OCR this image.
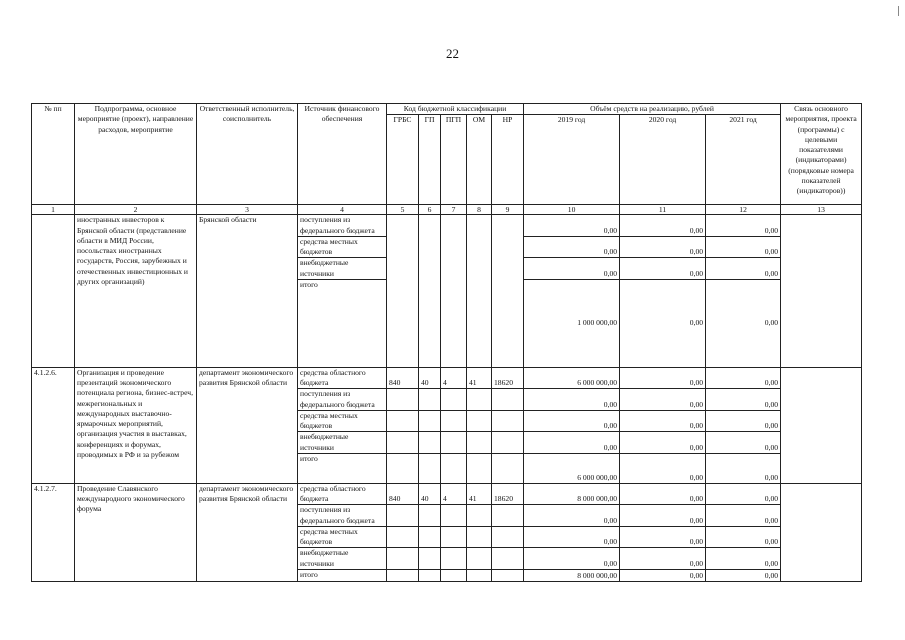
22
№ пп	Подпрограмма, основное мероприятие (проект), направление расходов, мероприятие	Ответственный исполнитель, соисполнитель	Источник финансового обеспечения	Код бюджетной классификации					Объём средств на реализацию, рублей			Связь основного мероприятия, проекта (программы) с целевыми показателями (индикаторами) (порядковые номера показателей (индикаторов))
				ГРБС	ГП	ПГП	ОМ	НР	2019 год	2020 год	2021 год	
1	2	3	4	5	6	7	8	9	10	11	12	13
	иностранных инвесторов к Брянской области (представление области в МИД России, посольствах иностранных государств, Россия, зарубежных и отечественных инвестиционных и других организаций)	Брянской области	поступления из федерального бюджета						0,00	0,00	0,00	
			средства местных бюджетов						0,00	0,00	0,00	
			внебюджетные источники						0,00	0,00	0,00	
			итого						1 000 000,00	0,00	0,00	
4.1.2.6.	Организация и проведение презентаций экономического потенциала региона, бизнес-встреч, межрегиональных и международных выставочно-ярмарочных мероприятий, организация участия в выставках, конференциях и форумах, проводимых в РФ и за рубежом	департамент экономического развития Брянской области	средства областного бюджета	840	40	4	41	18620	6 000 000,00	0,00	0,00	
			поступления из федерального бюджета						0,00	0,00	0,00	
			средства местных бюджетов						0,00	0,00	0,00	
			внебюджетные источники						0,00	0,00	0,00	
			итого						6 000 000,00	0,00	0,00	
4.1.2.7.	Проведение Славянского международного экономического форума	департамент экономического развития Брянской области	средства областного бюджета	840	40	4	41	18620	8 000 000,00	0,00	0,00	
			поступления из федерального бюджета						0,00	0,00	0,00	
			средства местных бюджетов						0,00	0,00	0,00	
			внебюджетные источники						0,00	0,00	0,00	
			итого						8 000 000,00	0,00	0,00	
